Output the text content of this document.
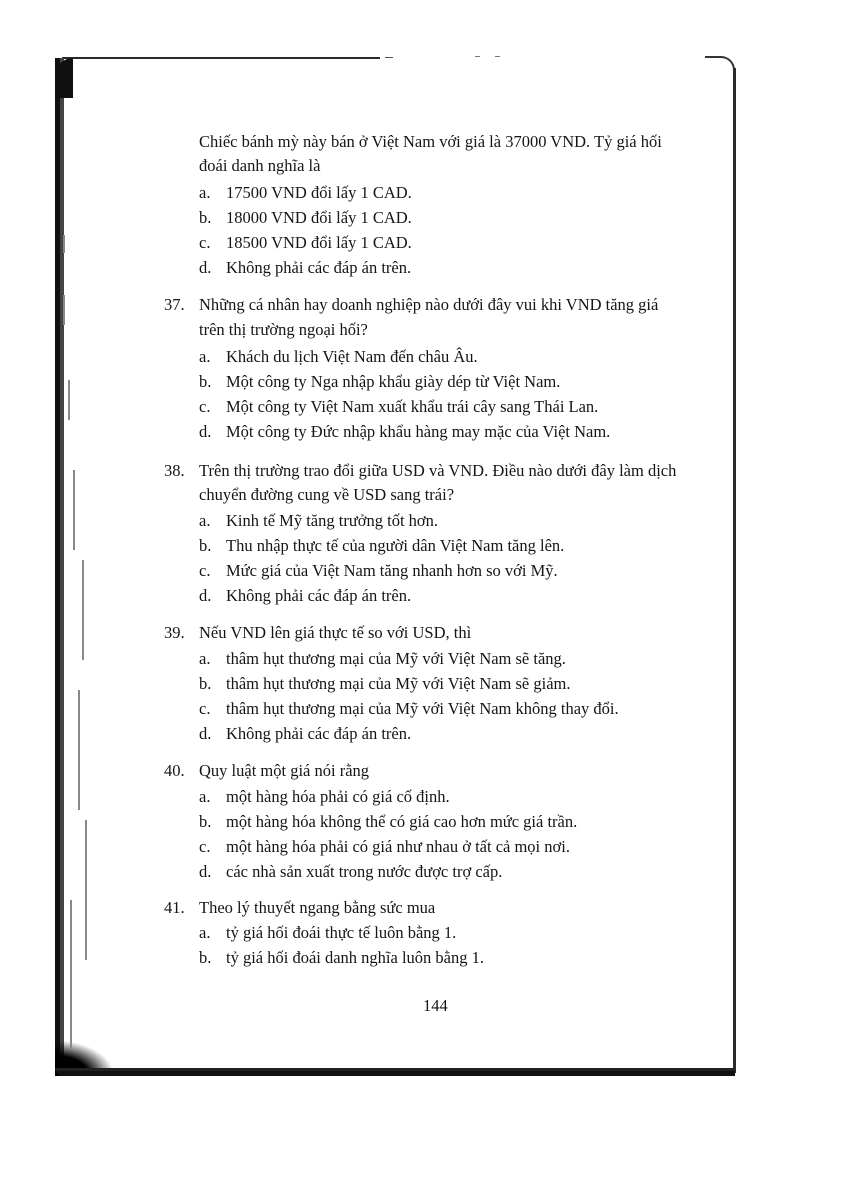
Chiếc bánh mỳ này bán ở Việt Nam với giá là 37000 VND. Tỷ giá hối
đoái danh nghĩa là
a. 17500 VND đổi lấy 1 CAD.
b. 18000 VND đổi lấy 1 CAD.
c. 18500 VND đổi lấy 1 CAD.
d. Không phải các đáp án trên.
37. Những cá nhân hay doanh nghiệp nào dưới đây vui khi VND tăng giá
trên thị trường ngoại hối?
a. Khách du lịch Việt Nam đến châu Âu.
b. Một công ty Nga nhập khẩu giày dép từ Việt Nam.
c. Một công ty Việt Nam xuất khẩu trái cây sang Thái Lan.
d. Một công ty Đức nhập khẩu hàng may mặc của Việt Nam.
38. Trên thị trường trao đổi giữa USD và VND. Điều nào dưới đây làm dịch
chuyển đường cung về USD sang trái?
a. Kinh tế Mỹ tăng trưởng tốt hơn.
b. Thu nhập thực tế của người dân Việt Nam tăng lên.
c. Mức giá của Việt Nam tăng nhanh hơn so với Mỹ.
d. Không phải các đáp án trên.
39. Nếu VND lên giá thực tế so với USD, thì
a. thâm hụt thương mại của Mỹ với Việt Nam sẽ tăng.
b. thâm hụt thương mại của Mỹ với Việt Nam sẽ giảm.
c. thâm hụt thương mại của Mỹ với Việt Nam không thay đổi.
d. Không phải các đáp án trên.
40. Quy luật một giá nói rằng
a. một hàng hóa phải có giá cố định.
b. một hàng hóa không thể có giá cao hơn mức giá trần.
c. một hàng hóa phải có giá như nhau ở tất cả mọi nơi.
d. các nhà sản xuất trong nước được trợ cấp.
41. Theo lý thuyết ngang bằng sức mua
a. tỷ giá hối đoái thực tế luôn bằng 1.
b. tỷ giá hối đoái danh nghĩa luôn bằng 1.
144
